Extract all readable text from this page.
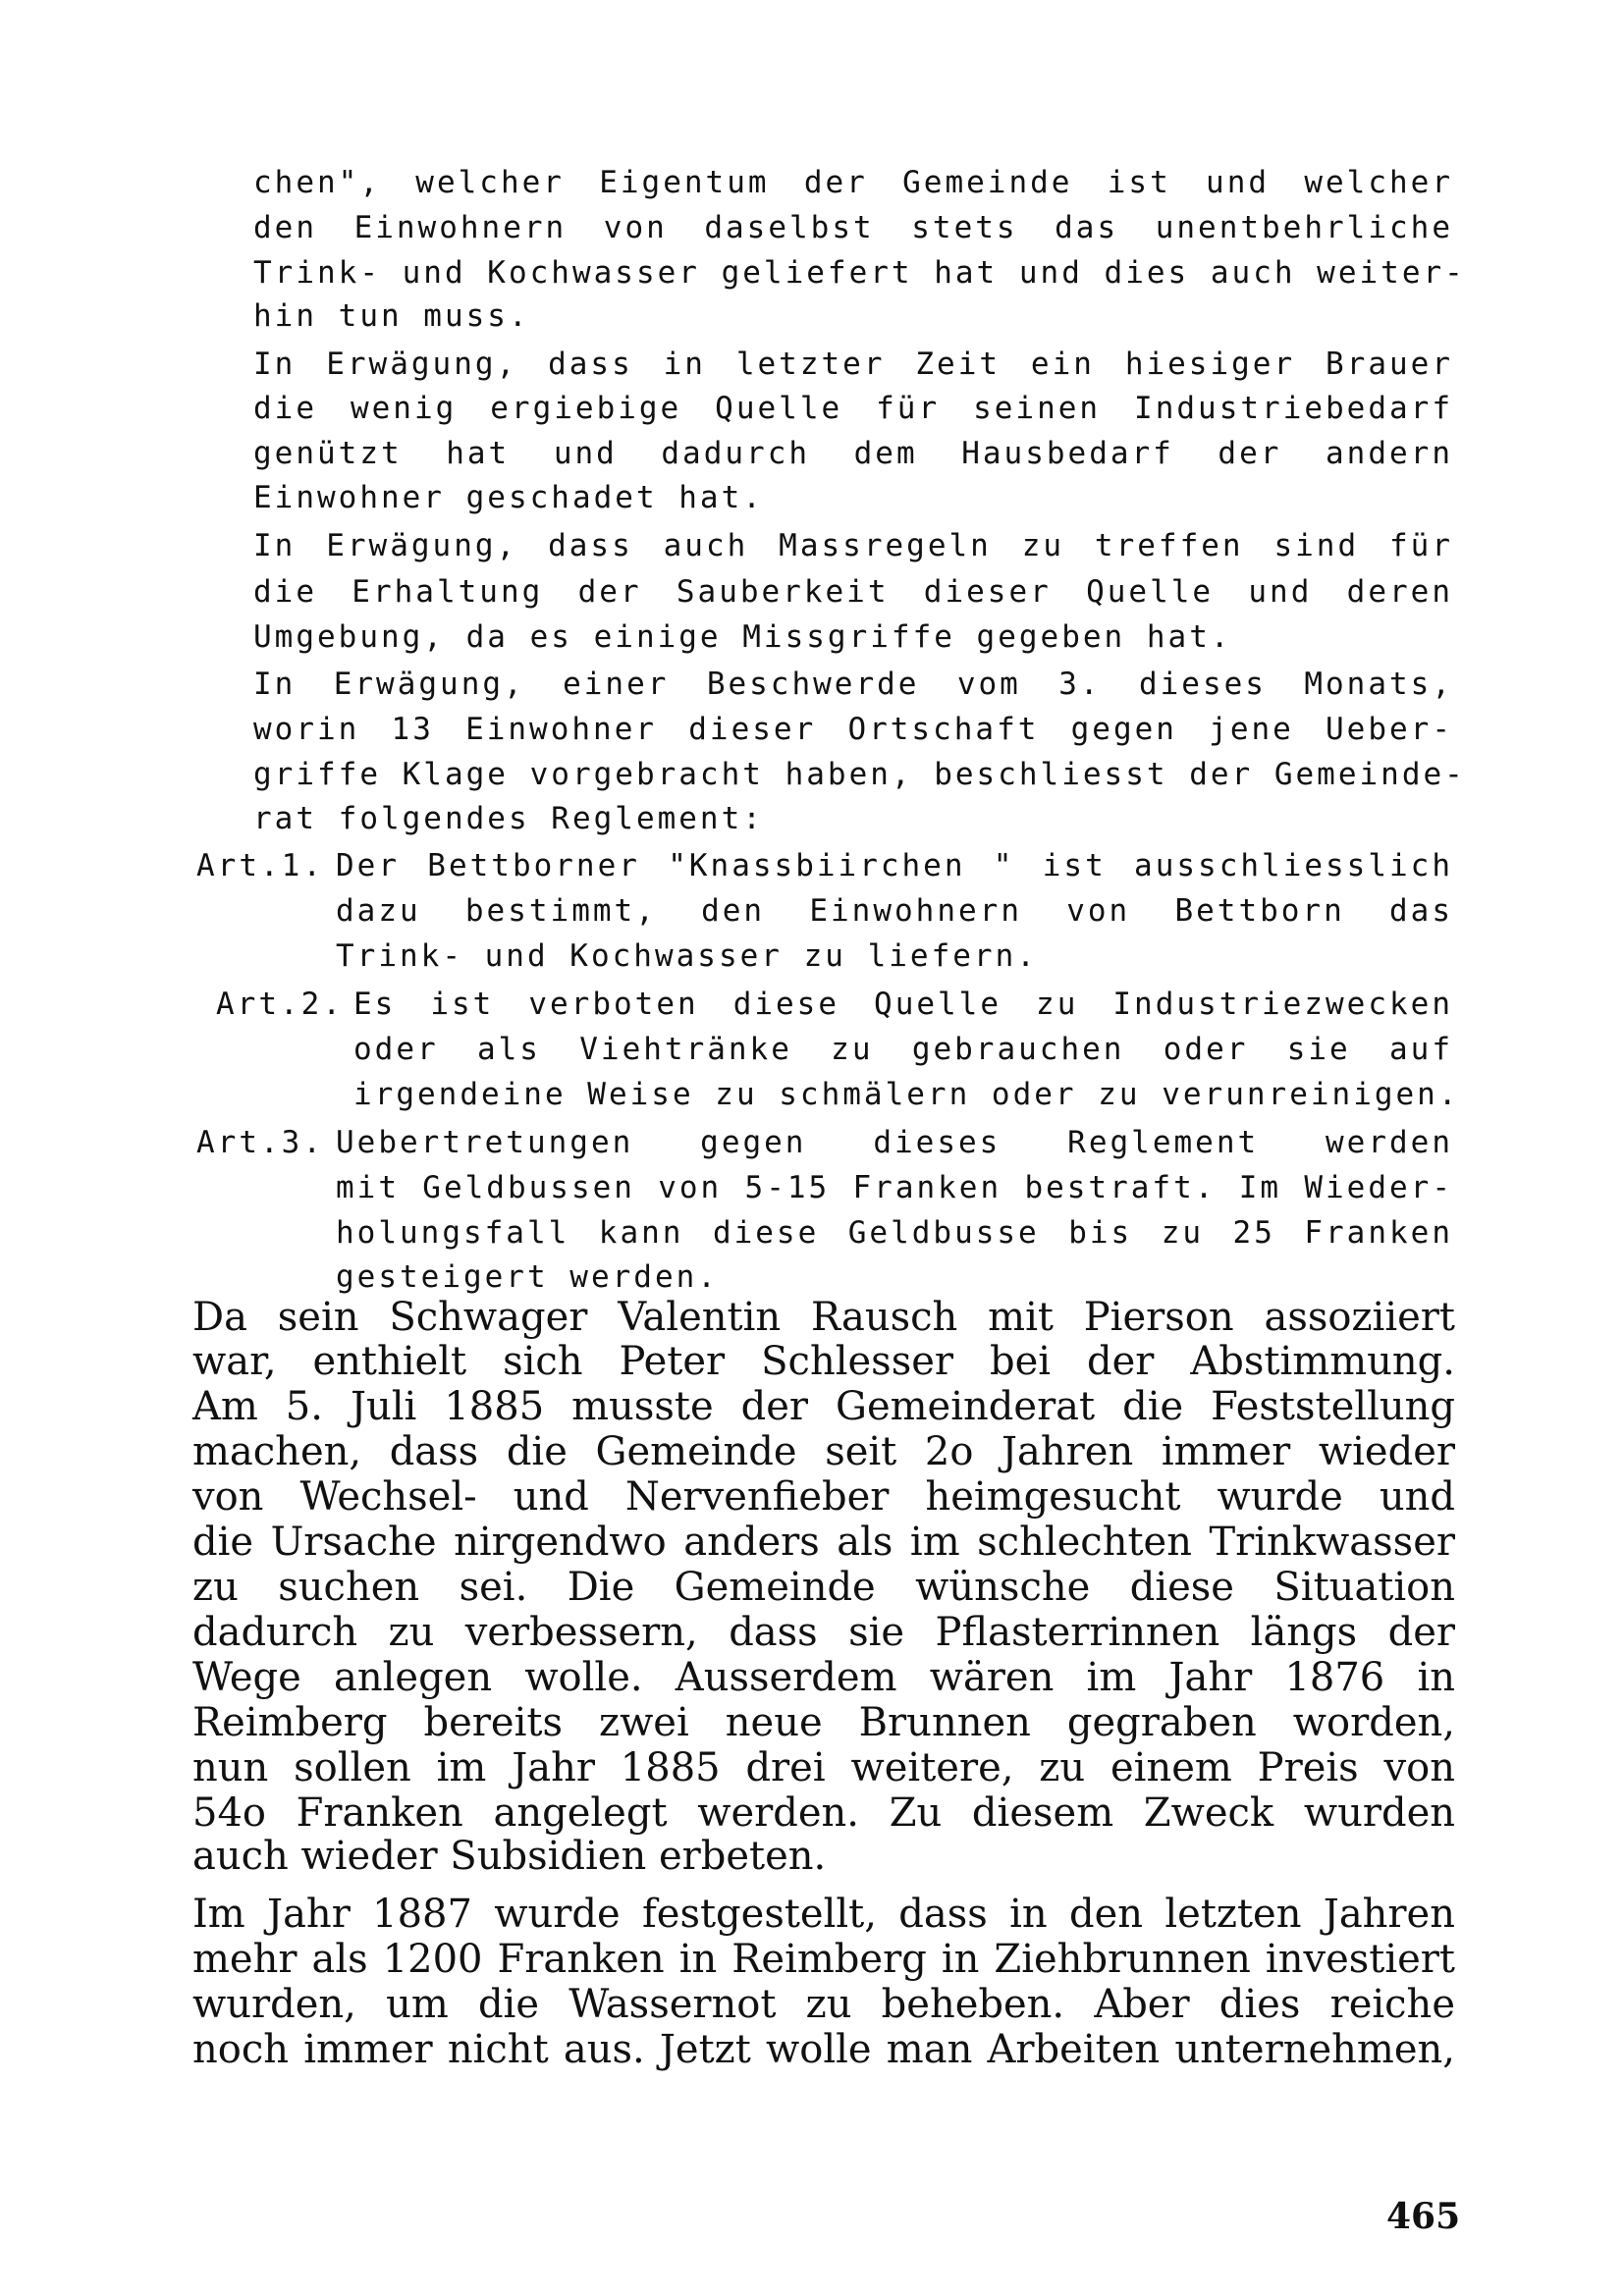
chen", welcher Eigentum der Gemeinde ist und welcher
den Einwohnern von daselbst stets das unentbehrliche
Trink- und Kochwasser geliefert hat und dies auch weiter-
hin tun muss.
In Erwägung, dass in letzter Zeit ein hiesiger Brauer
die wenig ergiebige Quelle für seinen Industriebedarf
genützt hat und dadurch dem Hausbedarf der andern
Einwohner geschadet hat.
In Erwägung, dass auch Massregeln zu treffen sind für
die Erhaltung der Sauberkeit dieser Quelle und deren
Umgebung, da es einige Missgriffe gegeben hat.
In Erwägung, einer Beschwerde vom 3. dieses Monats,
worin 13 Einwohner dieser Ortschaft gegen jene Ueber-
griffe Klage vorgebracht haben, beschliesst der Gemeinde-
rat folgendes Reglement:
Art.1. Der Bettborner "Knassbiirchen " ist ausschliesslich
dazu bestimmt, den Einwohnern von Bettborn das
Trink- und Kochwasser zu liefern.
Art.2. Es ist verboten diese Quelle zu Industriezwecken
oder als Viehtränke zu gebrauchen oder sie auf
irgendeine Weise zu schmälern oder zu verunreinigen.
Art.3. Uebertretungen gegen dieses Reglement werden
mit Geldbussen von 5-15 Franken bestraft. Im Wieder-
holungsfall kann diese Geldbusse bis zu 25 Franken
gesteigert werden.
Da sein Schwager Valentin Rausch mit Pierson assoziiert
war, enthielt sich Peter Schlesser bei der Abstimmung.
Am 5. Juli 1885 musste der Gemeinderat die Feststellung
machen, dass die Gemeinde seit 2o Jahren immer wieder
von Wechsel- und Nervenfieber heimgesucht wurde und
die Ursache nirgendwo anders als im schlechten Trinkwasser
zu suchen sei. Die Gemeinde wünsche diese Situation
dadurch zu verbessern, dass sie Pflasterrinnen längs der
Wege anlegen wolle. Ausserdem wären im Jahr 1876 in
Reimberg bereits zwei neue Brunnen gegraben worden,
nun sollen im Jahr 1885 drei weitere, zu einem Preis von
54o Franken angelegt werden. Zu diesem Zweck wurden
auch wieder Subsidien erbeten.
Im Jahr 1887 wurde festgestellt, dass in den letzten Jahren
mehr als 1200 Franken in Reimberg in Ziehbrunnen investiert
wurden, um die Wassernot zu beheben. Aber dies reiche
noch immer nicht aus. Jetzt wolle man Arbeiten unternehmen,
465
